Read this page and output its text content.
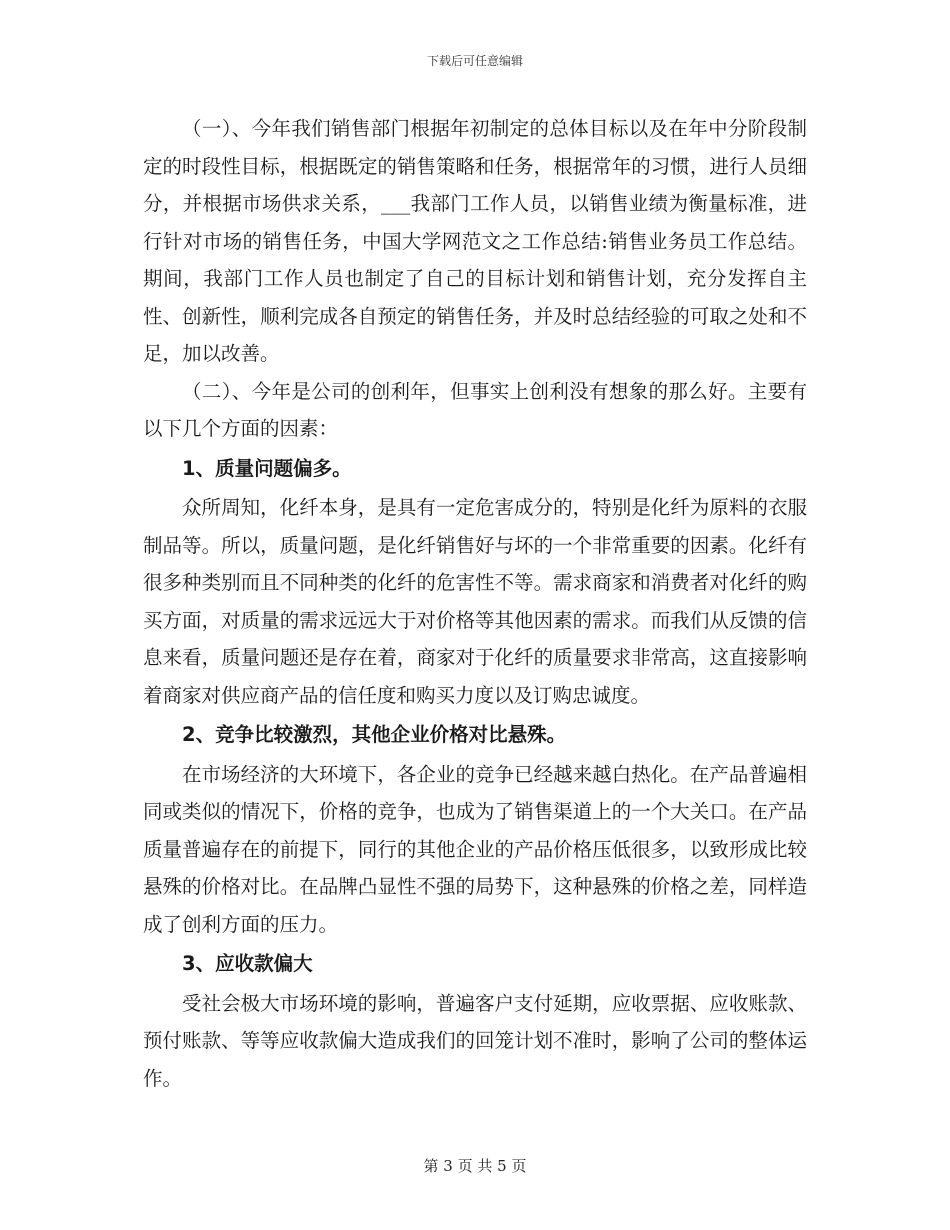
下载后可任意编辑

（一）、今年我们销售部门根据年初制定的总体目标以及在年中分阶段制定的时段性目标，根据既定的销售策略和任务，根据常年的习惯，进行人员细分，并根据市场供求关系，___我部门工作人员，以销售业绩为衡量标准，进行针对市场的销售任务，中国大学网范文之工作总结:销售业务员工作总结。期间，我部门工作人员也制定了自己的目标计划和销售计划，充分发挥自主性、创新性，顺利完成各自预定的销售任务，并及时总结经验的可取之处和不足，加以改善。

（二）、今年是公司的创利年，但事实上创利没有想象的那么好。主要有以下几个方面的因素：

1、质量问题偏多。

众所周知，化纤本身，是具有一定危害成分的，特别是化纤为原料的衣服制品等。所以，质量问题，是化纤销售好与坏的一个非常重要的因素。化纤有很多种类别而且不同种类的化纤的危害性不等。需求商家和消费者对化纤的购买方面，对质量的需求远远大于对价格等其他因素的需求。而我们从反馈的信息来看，质量问题还是存在着，商家对于化纤的质量要求非常高，这直接影响着商家对供应商产品的信任度和购买力度以及订购忠诚度。

2、竞争比较激烈，其他企业价格对比悬殊。

在市场经济的大环境下，各企业的竞争已经越来越白热化。在产品普遍相同或类似的情况下，价格的竞争，也成为了销售渠道上的一个大关口。在产品质量普遍存在的前提下，同行的其他企业的产品价格压低很多，以致形成比较悬殊的价格对比。在品牌凸显性不强的局势下，这种悬殊的价格之差，同样造成了创利方面的压力。

3、应收款偏大

受社会极大市场环境的影响，普遍客户支付延期，应收票据、应收账款、预付账款、等等应收款偏大造成我们的回笼计划不准时，影响了公司的整体运作。

第 3 页 共 5 页
